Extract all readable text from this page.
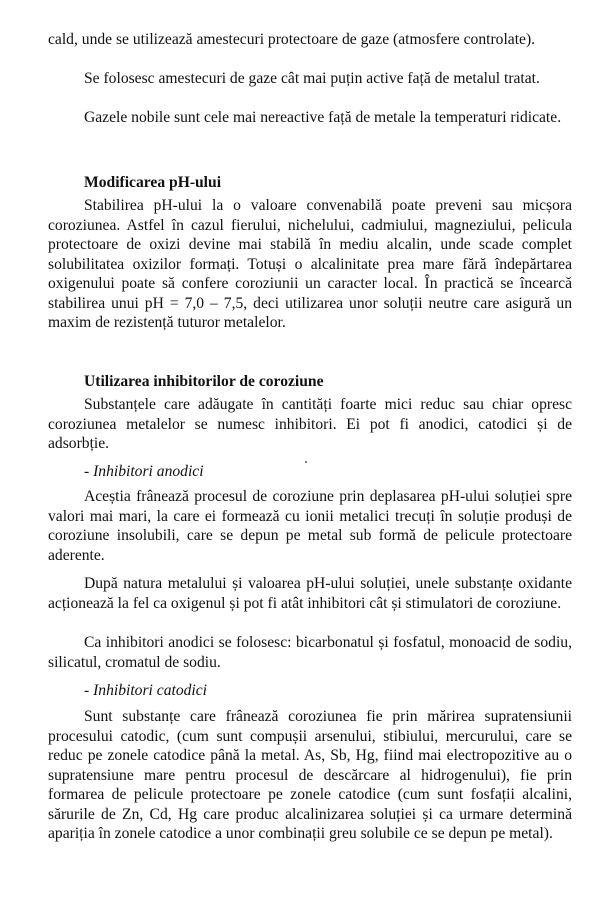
cald, unde se utilizează amestecuri protectoare de gaze (atmosfere controlate).

Se folosesc amestecuri de gaze cât mai puțin active față de metalul tratat.

Gazele nobile sunt cele mai nereactive față de metale la temperaturi ridicate.

Modificarea pH-ului

Stabilirea pH-ului la o valoare convenabilă poate preveni sau micșora coroziunea. Astfel în cazul fierului, nichelului, cadmiului, magneziului, pelicula protectoare de oxizi devine mai stabilă în mediu alcalin, unde scade complet solubilitatea oxizilor formați. Totuși o alcalinitate prea mare fără îndepărtarea oxigenului poate să confere coroziunii un caracter local. În practică se încearcă stabilirea unui pH = 7,0 – 7,5, deci utilizarea unor soluții neutre care asigură un maxim de rezistență tuturor metalelor.

Utilizarea inhibitorilor de coroziune

Substanțele care adăugate în cantități foarte mici reduc sau chiar opresc coroziunea metalelor se numesc inhibitori. Ei pot fi anodici, catodici și de adsorbție.

- Inhibitori anodici

Aceștia frânează procesul de coroziune prin deplasarea pH-ului soluției spre valori mai mari, la care ei formează cu ionii metalici trecuți în soluție produși de coroziune insolubili, care se depun pe metal sub formă de pelicule protectoare aderente.

După natura metalului și valoarea pH-ului soluției, unele substanțe oxidante acționează la fel ca oxigenul și pot fi atât inhibitori cât și stimulatori de coroziune.

Ca inhibitori anodici se folosesc: bicarbonatul și fosfatul, monoacid de sodiu, silicatul, cromatul de sodiu.

- Inhibitori catodici

Sunt substanțe care frânează coroziunea fie prin mărirea supratensiunii procesului catodic, (cum sunt compușii arsenului, stibiului, mercurului, care se reduc pe zonele catodice până la metal. As, Sb, Hg, fiind mai electropozitive au o supratensiune mare pentru procesul de descărcare al hidrogenului), fie prin formarea de pelicule protectoare pe zonele catodice (cum sunt fosfații alcalini, sărurile de Zn, Cd, Hg care produc alcalinizarea soluției și ca urmare determină apariția în zonele catodice a unor combinații greu solubile ce se depun pe metal).
